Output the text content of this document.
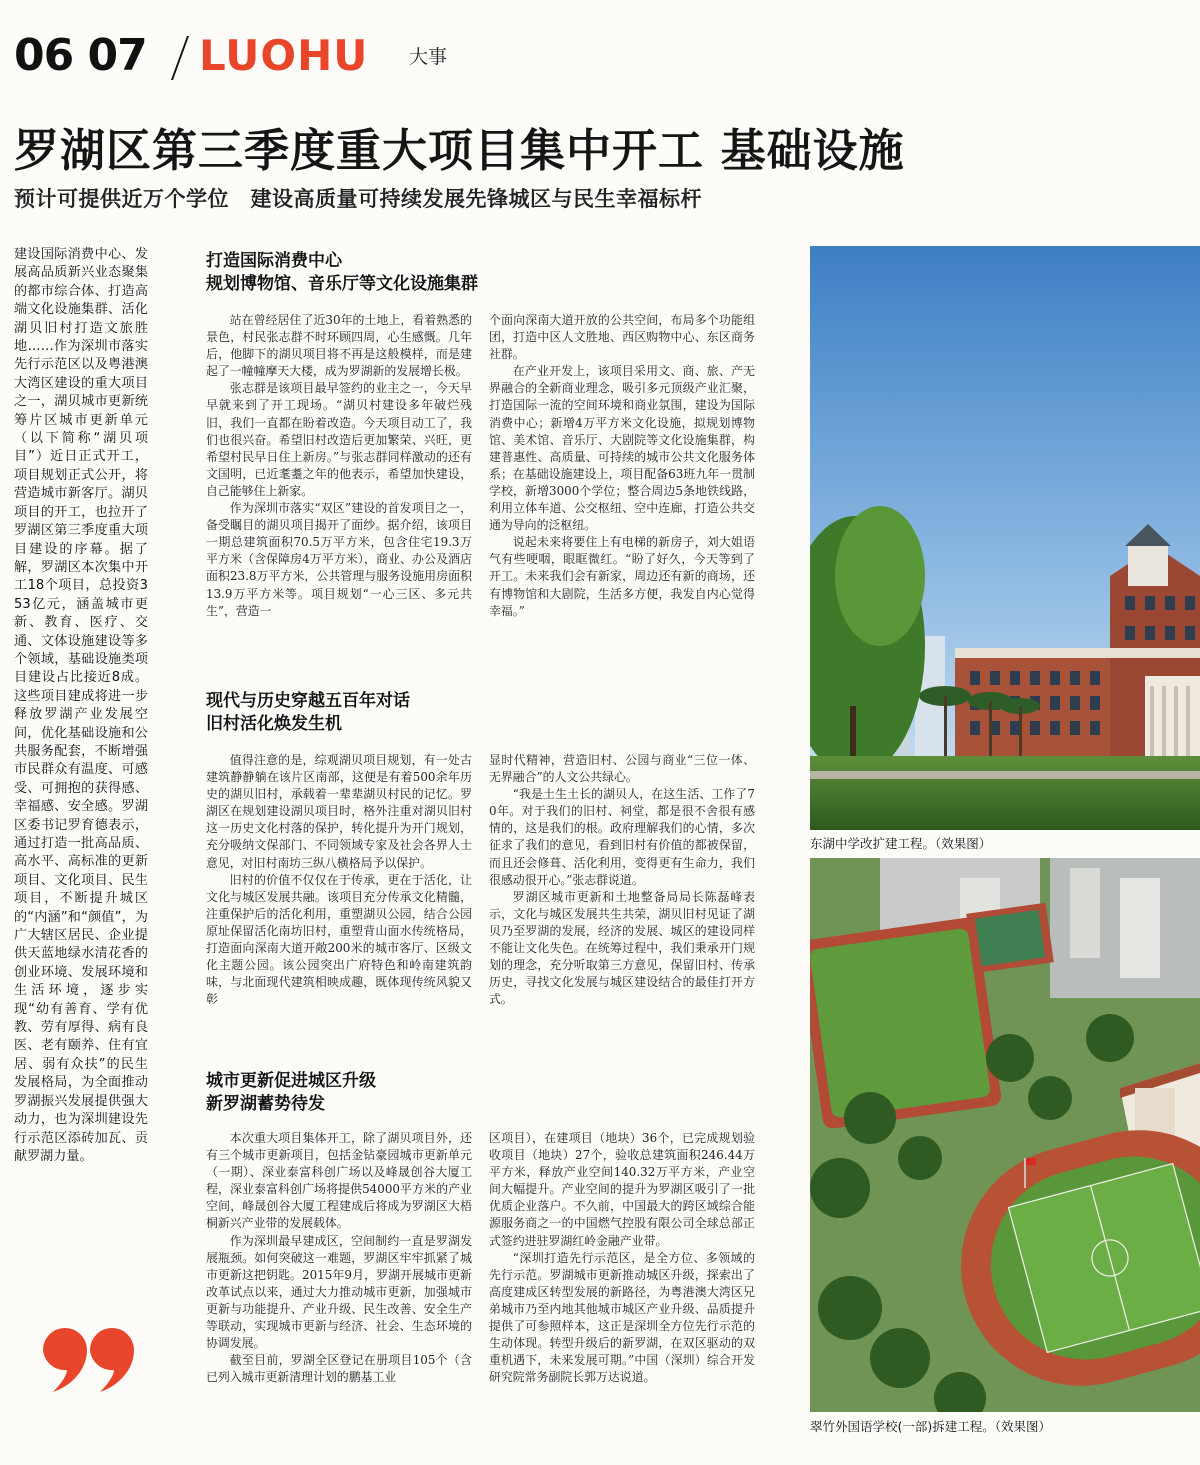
06 07 LUOHU 大事
罗湖区第三季度重大项目集中开工 基础设施
预计可提供近万个学位　建设高质量可持续发展先锋城区与民生幸福标杆
建设国际消费中心、发展高品质新兴业态聚集的都市综合体、打造高端文化设施集群、活化湖贝旧村打造文旅胜地……作为深圳市落实先行示范区以及粤港澳大湾区建设的重大项目之一，湖贝城市更新统筹片区城市更新单元（以下简称“湖贝项目”）近日正式开工，项目规划正式公开，将营造城市新客厅。湖贝项目的开工，也拉开了罗湖区第三季度重大项目建设的序幕。据了解，罗湖区本次集中开工18个项目，总投资353亿元，涵盖城市更新、教育、医疗、交通、文体设施建设等多个领域，基础设施类项目建设占比接近8成。这些项目建成将进一步释放罗湖产业发展空间，优化基础设施和公共服务配套，不断增强市民群众有温度、可感受、可拥抱的获得感、幸福感、安全感。罗湖区委书记罗育德表示，通过打造一批高品质、高水平、高标准的更新项目、文化项目、民生项目，不断提升城区的“内涵”和“颜值”，为广大辖区居民、企业提供天蓝地绿水清花香的创业环境、发展环境和生活环境，逐步实现“幼有善育、学有优教、劳有厚得、病有良医、老有颐养、住有宜居、弱有众扶”的民生发展格局，为全面推动罗湖振兴发展提供强大动力，也为深圳建设先行示范区添砖加瓦、贡献罗湖力量。
打造国际消费中心
规划博物馆、音乐厅等文化设施集群

站在曾经居住了近30年的土地上，看着熟悉的景色，村民张志群不时环顾四周，心生感慨。几年后，他脚下的湖贝项目将不再是这般模样，而是建起了一幢幢摩天大楼，成为罗湖新的发展增长极。

张志群是该项目最早签约的业主之一，今天早早就来到了开工现场。“湖贝村建设多年破烂残旧，我们一直都在盼着改造。今天项目动工了，我们也很兴奋。希望旧村改造后更加繁荣、兴旺，更希望村民早日住上新房。”与张志群同样激动的还有文国明，已近耄耋之年的他表示，希望加快建设，自己能够住上新家。

作为深圳市落实“双区”建设的首发项目之一，备受瞩目的湖贝项目揭开了面纱。据介绍，该项目一期总建筑面积70.5万平方米，包含住宅19.3万平方米（含保障房4万平方米），商业、办公及酒店面积23.8万平方米，公共管理与服务设施用房面积13.9万平方米等。项目规划“一心三区、多元共生”，营造一

个面向深南大道开放的公共空间，布局多个功能组团，打造中区人文胜地、西区购物中心、东区商务社群。

在产业开发上，该项目采用文、商、旅、产无界融合的全新商业理念，吸引多元顶级产业汇聚，打造国际一流的空间环境和商业氛围，建设为国际消费中心；新增4万平方米文化设施，拟规划博物馆、美术馆、音乐厅、大剧院等文化设施集群，构建普惠性、高质量、可持续的城市公共文化服务体系；在基础设施建设上，项目配备63班九年一贯制学校，新增3000个学位；整合周边5条地铁线路，利用立体车道、公交枢纽、空中连廊，打造公共交通为导向的泛枢纽。

说起未来将要住上有电梯的新房子，刘大姐语气有些哽咽，眼眶微红。“盼了好久，今天等到了开工。未来我们会有新家，周边还有新的商场，还有博物馆和大剧院，生活多方便，我发自内心觉得幸福。”

现代与历史穿越五百年对话
旧村活化焕发生机

值得注意的是，综观湖贝项目规划，有一处古建筑静静躺在该片区南部，这便是有着500余年历史的湖贝旧村，承载着一辈辈湖贝村民的记忆。罗湖区在规划建设湖贝项目时，格外注重对湖贝旧村这一历史文化村落的保护，转化提升为开门规划，充分吸纳文保部门、不同领域专家及社会各界人士意见，对旧村南坊三纵八横格局予以保护。

旧村的价值不仅仅在于传承，更在于活化，让文化与城区发展共融。该项目充分传承文化精髓，注重保护后的活化利用，重塑湖贝公园，结合公园原址保留活化南坊旧村，重塑背山面水传统格局，打造面向深南大道开敞200米的城市客厅、区级文化主题公园。该公园突出广府特色和岭南建筑韵味，与北面现代建筑相映成趣，既体现传统风貌又彰

显时代精神，营造旧村、公园与商业“三位一体、无界融合”的人文公共绿心。

“我是土生土长的湖贝人，在这生活、工作了70年。对于我们的旧村、祠堂，都是很不舍很有感情的，这是我们的根。政府理解我们的心情，多次征求了我们的意见，看到旧村有价值的都被保留，而且还会修葺、活化利用，变得更有生命力，我们很感动很开心。”张志群说道。

罗湖区城市更新和土地整备局局长陈磊峰表示，文化与城区发展共生共荣，湖贝旧村见证了湖贝乃至罗湖的发展，经济的发展、城区的建设同样不能让文化失色。在统筹过程中，我们秉承开门规划的理念，充分听取第三方意见，保留旧村、传承历史，寻找文化发展与城区建设结合的最佳打开方式。

城市更新促进城区升级
新罗湖蓄势待发

本次重大项目集体开工，除了湖贝项目外，还有三个城市更新项目，包括金钻豪园城市更新单元（一期）、深业泰富科创广场以及峰晟创谷大厦工程，深业泰富科创广场将提供54000平方米的产业空间，峰晟创谷大厦工程建成后将成为罗湖区大梧桐新兴产业带的发展载体。

作为深圳最早建成区，空间制约一直是罗湖发展瓶颈。如何突破这一难题，罗湖区牢牢抓紧了城市更新这把钥匙。2015年9月，罗湖开展城市更新改革试点以来，通过大力推动城市更新，加强城市更新与功能提升、产业升级、民生改善、安全生产等联动，实现城市更新与经济、社会、生态环境的协调发展。

截至目前，罗湖全区登记在册项目105个（含已列入城市更新清理计划的鹏基工业

区项目），在建项目（地块）36个，已完成规划验收项目（地块）27个，验收总建筑面积246.44万平方米，释放产业空间140.32万平方米，产业空间大幅提升。产业空间的提升为罗湖区吸引了一批优质企业落户。不久前，中国最大的跨区域综合能源服务商之一的中国燃气控股有限公司全球总部正式签约进驻罗湖红岭金融产业带。

“深圳打造先行示范区，是全方位、多领域的先行示范。罗湖城市更新推动城区升级，探索出了高度建成区转型发展的新路径，为粤港澳大湾区兄弟城市乃至内地其他城市城区产业升级、品质提升提供了可参照样本，这正是深圳全方位先行示范的生动体现。转型升级后的新罗湖，在双区驱动的双重机遇下，未来发展可期。”中国（深圳）综合开发研究院常务副院长郭万达说道。

东湖中学改扩建工程。（效果图）
翠竹外国语学校(一部)拆建工程。（效果图）
